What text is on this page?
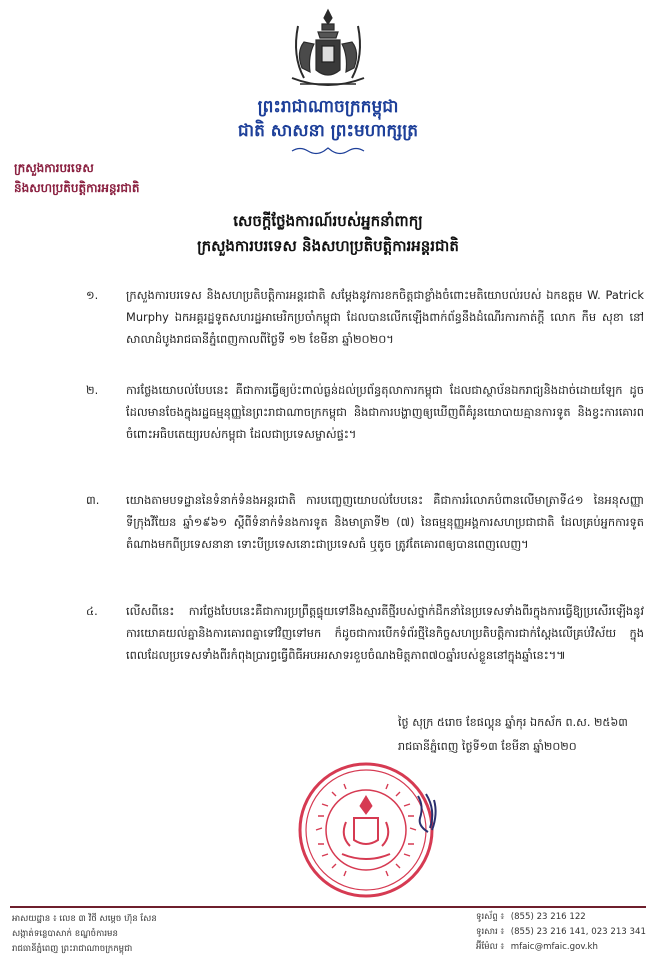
ព្រះរាជាណាចក្រកម្ពុជា
ជាតិ សាសនា ព្រះមហាក្សត្រ
ក្រសួងការបរទេស
និងសហប្រតិបត្តិការអន្តរជាតិ
សេចក្ដីថ្លែងការណ៍របស់អ្នកនាំពាក្យ
ក្រសួងការបរទេស និងសហប្រតិបត្តិការអន្តរជាតិ
១.	ក្រសួងការបរទេស និងសហប្រតិបត្តិការអន្តរជាតិ សម្ដែងនូវការខកចិត្តជាខ្លាំងចំពោះមតិយោបល់របស់ ឯកឧត្ដម W. Patrick Murphy ឯកអគ្គរដ្ឋទូតសហរដ្ឋអាមេរិកប្រចាំកម្ពុជា ដែលបានលើកឡើងពាក់ព័ន្ធនឹងដំណើរការកាត់ក្ដី លោក កឹម សុខា នៅសាលាដំបូងរាជធានីភ្នំពេញកាលពីថ្ងៃទី ១២ ខែមីនា ឆ្នាំ២០២០។
២.	ការថ្លែងយោបល់បែបនេះ គឺជាការធ្វើឲ្យប៉ះពាល់ធ្ងន់ដល់ប្រព័ន្ធតុលាការកម្ពុជា ដែលជាស្ថាប័នឯករាជ្យនិងដាច់ដោយឡែក ដូចដែលមានចែងក្នុងរដ្ឋធម្មនុញ្ញនៃព្រះរាជាណាចក្រកម្ពុជា និងជាការបង្ហាញឲ្យឃើញពីគំរូនយោបាយគ្មានការទូត និងខ្វះការគោរពចំពោះអធិបតេយ្យរបស់កម្ពុជា ដែលជាប្រទេសម្ចាស់ផ្ទះ។
៣.	យោងតាមបទដ្ឋាននៃទំនាក់ទំនងអន្តរជាតិ ការបញ្ចេញយោបល់បែបនេះ គឺជាការរំលោភបំពានលើមាត្រាទី៤១ នៃអនុសញ្ញាទីក្រុងវីយែន ឆ្នាំ១៩៦១ ស្ដីពីទំនាក់ទំនងការទូត និងមាត្រាទី២ (៧) នៃធម្មនុញ្ញអង្គការសហប្រជាជាតិ ដែលគ្រប់អ្នកការទូតតំណាងមកពីប្រទេសនានា ទោះបីប្រទេសនោះជាប្រទេសធំ ឬតូច ត្រូវតែគោរពឲ្យបានពេញលេញ។
៤.	លើសពីនេះ ការថ្លែងបែបនេះគឺជាការប្រព្រឹត្តផ្ទុយទៅនឹងស្មារតីថ្មីរបស់ថ្នាក់ដឹកនាំនៃប្រទេសទាំងពីរក្នុងការធ្វើឱ្យប្រសើរឡើងនូវការយោគយល់គ្នានិងការគោរពគ្នាទៅវិញទៅមក ក៏ដូចជាការបើកទំព័រថ្មីនៃកិច្ចសហប្រតិបត្តិការជាក់ស្ដែងលើគ្រប់វិស័យ ក្នុងពេលដែលប្រទេសទាំងពីរកំពុងប្រារព្ធធ្វើពិធីអបអរសាទរខួបចំណងមិត្តភាព៧០ឆ្នាំរបស់ខ្លួននៅក្នុងឆ្នាំនេះ។៕
ថ្ងៃ សុក្រ ៥រោច ខែផល្គុន ឆ្នាំកុរ ឯកស័ក ព.ស. ២៥៦៣
រាជធានីភ្នំពេញ ថ្ងៃទី១៣ ខែមីនា ឆ្នាំ២០២០
អាសយដ្ឋាន ៖ លេខ ៣ វិថី សម្ដេច ហ៊ុន សែន
សង្កាត់ទន្លេបាសាក់ ខណ្ឌចំការមន
រាជធានីភ្នំពេញ ព្រះរាជាណាចក្រកម្ពុជា
ទូរស័ព្ទ ៖ (855) 23 216 122
ទូរសារ ៖ (855) 23 216 141, 023 213 341
អ៊ីម៉ែល ៖ mfaic@mfaic.gov.kh
